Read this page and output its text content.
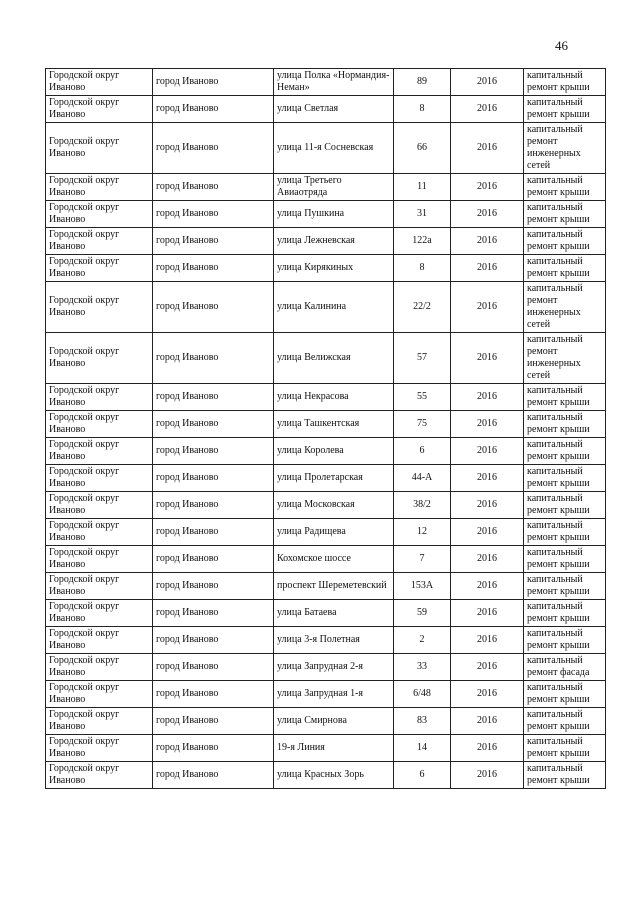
46
Городской округ Иваново	город Иваново	улица Полка «Нормандия-Неман»	89	2016	капитальный ремонт крыши
Городской округ Иваново	город Иваново	улица Светлая	8	2016	капитальный ремонт крыши
Городской округ Иваново	город Иваново	улица 11-я Сосневская	66	2016	капитальный ремонт инженерных сетей
Городской округ Иваново	город Иваново	улица Третьего Авиаотряда	11	2016	капитальный ремонт крыши
Городской округ Иваново	город Иваново	улица Пушкина	31	2016	капитальный ремонт крыши
Городской округ Иваново	город Иваново	улица Лежневская	122а	2016	капитальный ремонт крыши
Городской округ Иваново	город Иваново	улица Кирякиных	8	2016	капитальный ремонт крыши
Городской округ Иваново	город Иваново	улица Калинина	22/2	2016	капитальный ремонт инженерных сетей
Городской округ Иваново	город Иваново	улица Велижская	57	2016	капитальный ремонт инженерных сетей
Городской округ Иваново	город Иваново	улица Некрасова	55	2016	капитальный ремонт крыши
Городской округ Иваново	город Иваново	улица Ташкентская	75	2016	капитальный ремонт крыши
Городской округ Иваново	город Иваново	улица Королева	6	2016	капитальный ремонт крыши
Городской округ Иваново	город Иваново	улица Пролетарская	44-А	2016	капитальный ремонт крыши
Городской округ Иваново	город Иваново	улица Московская	38/2	2016	капитальный ремонт крыши
Городской округ Иваново	город Иваново	улица Радищева	12	2016	капитальный ремонт крыши
Городской округ Иваново	город Иваново	Кохомское шоссе	7	2016	капитальный ремонт крыши
Городской округ Иваново	город Иваново	проспект Шереметевский	153А	2016	капитальный ремонт крыши
Городской округ Иваново	город Иваново	улица Батаева	59	2016	капитальный ремонт крыши
Городской округ Иваново	город Иваново	улица 3-я Полетная	2	2016	капитальный ремонт крыши
Городской округ Иваново	город Иваново	улица Запрудная 2-я	33	2016	капитальный ремонт фасада
Городской округ Иваново	город Иваново	улица Запрудная 1-я	6/48	2016	капитальный ремонт крыши
Городской округ Иваново	город Иваново	улица Смирнова	83	2016	капитальный ремонт крыши
Городской округ Иваново	город Иваново	19-я Линия	14	2016	капитальный ремонт крыши
Городской округ Иваново	город Иваново	улица Красных Зорь	6	2016	капитальный ремонт крыши
